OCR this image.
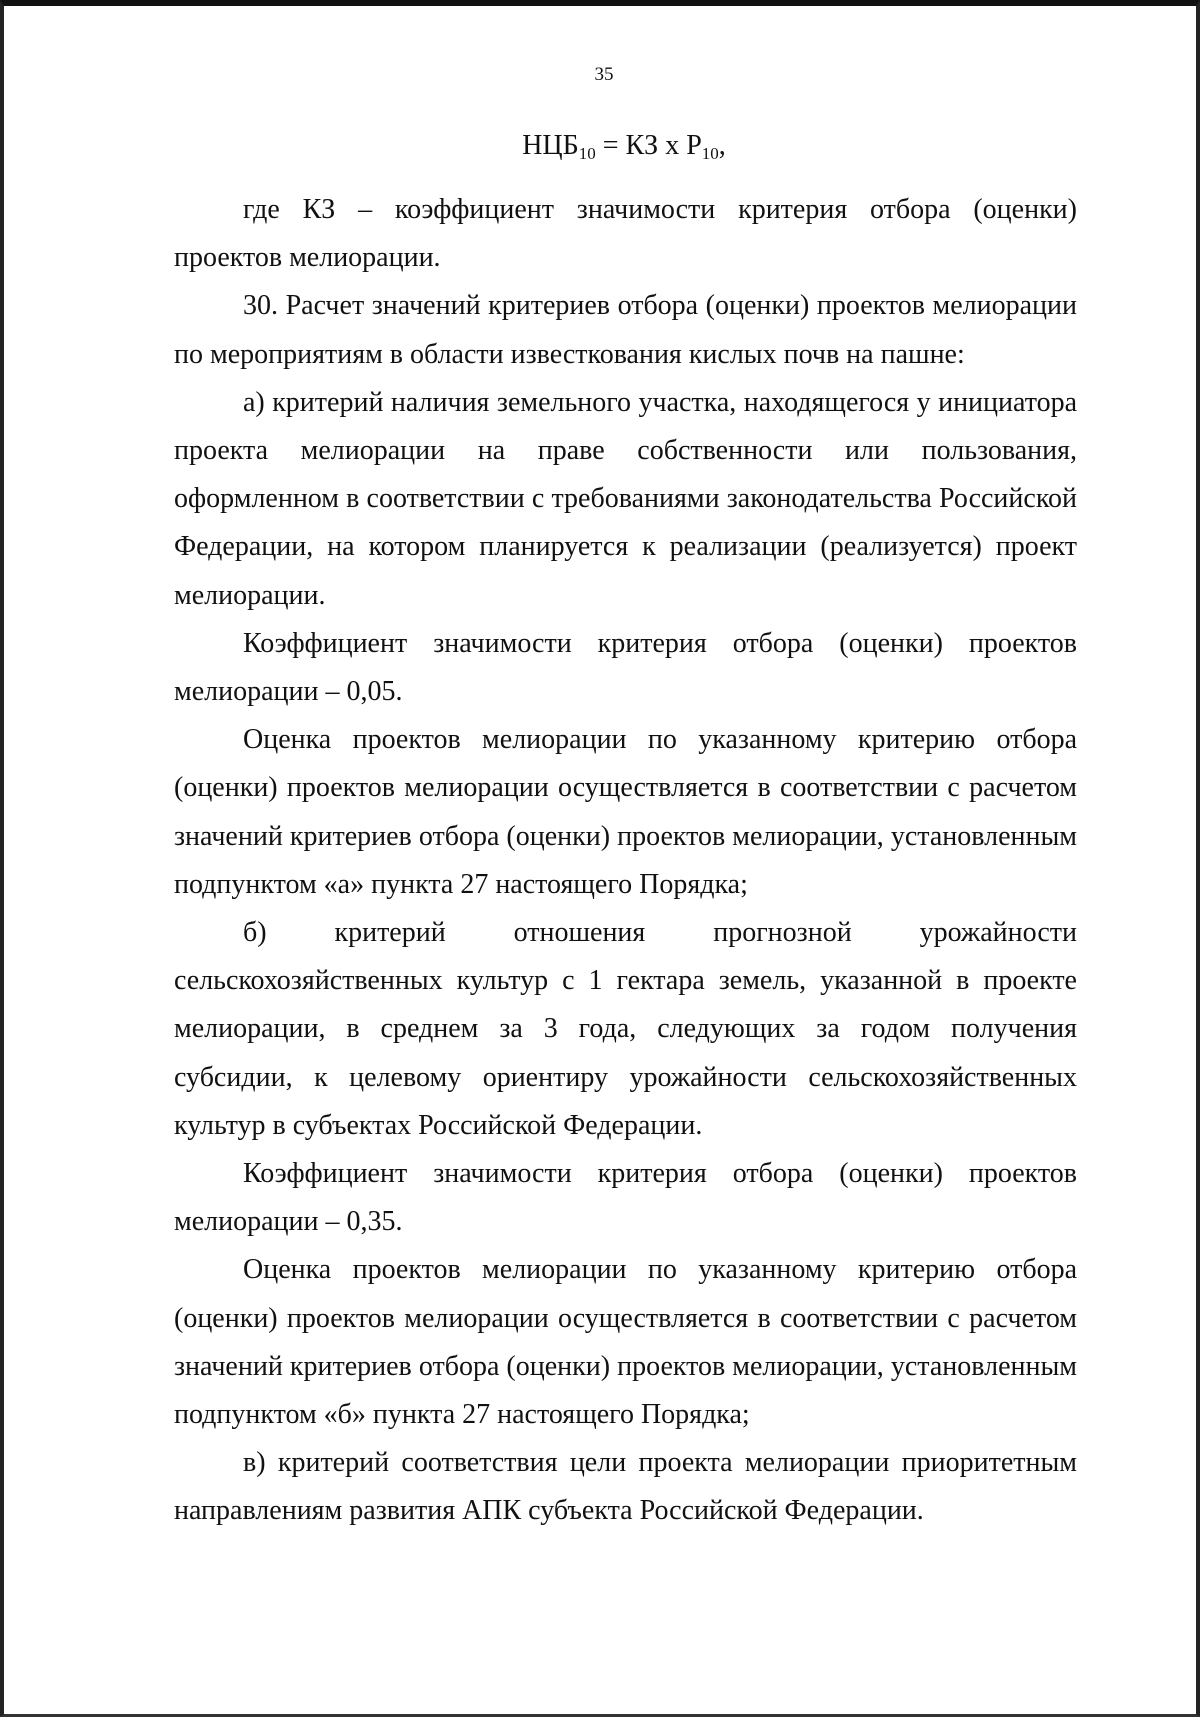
35
$НЦБ_{10}$ = КЗ х $Р_{10}$,

где КЗ – коэффициент значимости критерия отбора (оценки) проектов мелиорации.

30. Расчет значений критериев отбора (оценки) проектов мелиорации по мероприятиям в области известкования кислых почв на пашне:

а) критерий наличия земельного участка, находящегося у инициатора проекта мелиорации на праве собственности или пользования, оформленном в соответствии с требованиями законодательства Российской Федерации, на котором планируется к реализации (реализуется) проект мелиорации.

Коэффициент значимости критерия отбора (оценки) проектов мелиорации – 0,05.

Оценка проектов мелиорации по указанному критерию отбора (оценки) проектов мелиорации осуществляется в соответствии с расчетом значений критериев отбора (оценки) проектов мелиорации, установленным подпунктом «а» пункта 27 настоящего Порядка;

б) критерий отношения прогнозной урожайности сельскохозяйственных культур с 1 гектара земель, указанной в проекте мелиорации, в среднем за 3 года, следующих за годом получения субсидии, к целевому ориентиру урожайности сельскохозяйственных культур в субъектах Российской Федерации.

Коэффициент значимости критерия отбора (оценки) проектов мелиорации – 0,35.

Оценка проектов мелиорации по указанному критерию отбора (оценки) проектов мелиорации осуществляется в соответствии с расчетом значений критериев отбора (оценки) проектов мелиорации, установленным подпунктом «б» пункта 27 настоящего Порядка;

в) критерий соответствия цели проекта мелиорации приоритетным направлениям развития АПК субъекта Российской Федерации.
